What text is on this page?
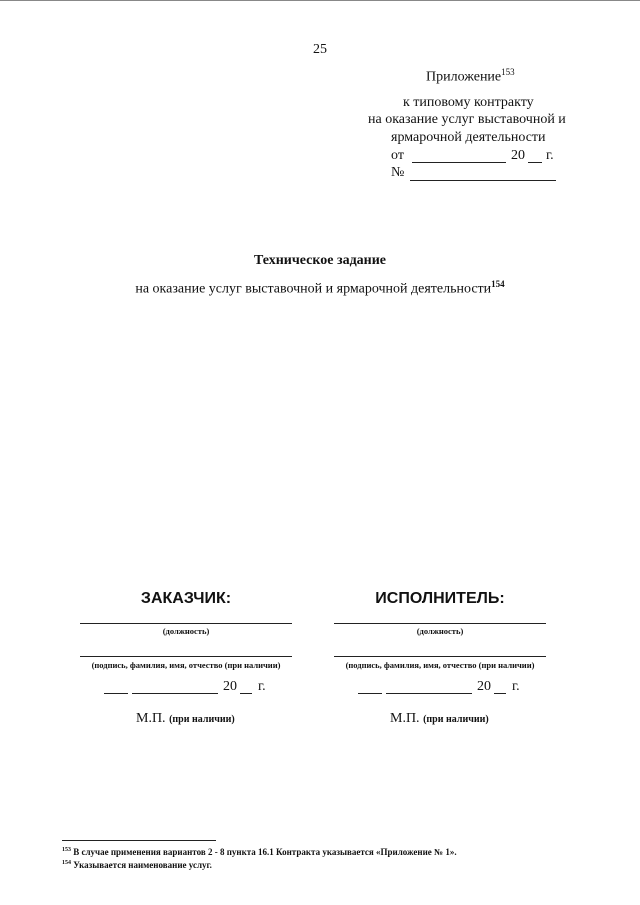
25
Приложение$^{153}$
к типовому контракту
на оказание услуг выставочной и
ярмарочной деятельности
от	20 г.
№
Техническое задание
на оказание услуг выставочной и ярмарочной деятельности$^{154}$
ЗАКАЗЧИК:
(должность)
(подпись, фамилия, имя, отчество (при наличии)
20 г.
М.П. (при наличии)
ИСПОЛНИТЕЛЬ:
(должность)
(подпись, фамилия, имя, отчество (при наличии)
20 г.
М.П. (при наличии)
$^{153}$ В случае применения вариантов 2 - 8 пункта 16.1 Контракта указывается «Приложение № 1».
$^{154}$ Указывается наименование услуг.
